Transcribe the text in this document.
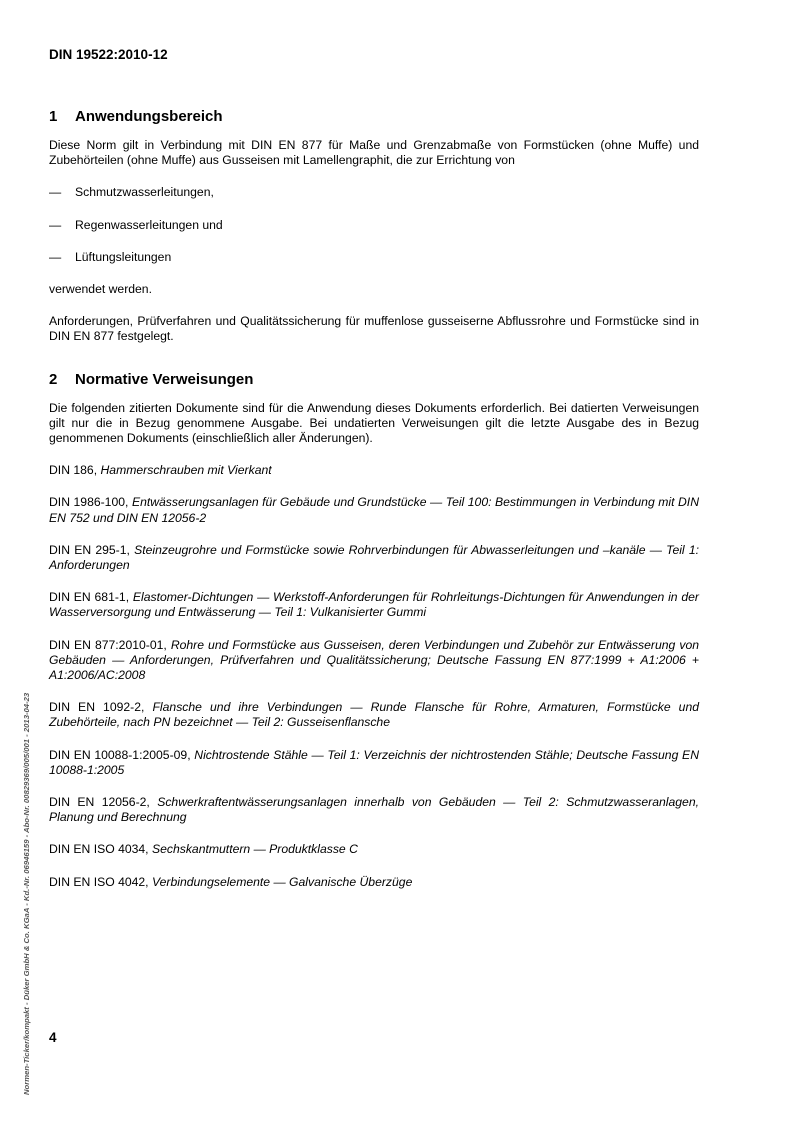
DIN 19522:2010-12
1	Anwendungsbereich

Diese Norm gilt in Verbindung mit DIN EN 877 für Maße und Grenzabmaße von Formstücken (ohne Muffe) und Zubehörteilen (ohne Muffe) aus Gusseisen mit Lamellengraphit, die zur Errichtung von

—	Schmutzwasserleitungen,
—	Regenwasserleitungen und
—	Lüftungsleitungen

verwendet werden.

Anforderungen, Prüfverfahren und Qualitätssicherung für muffenlose gusseiserne Abflussrohre und Formstücke sind in DIN EN 877 festgelegt.

2	Normative Verweisungen

Die folgenden zitierten Dokumente sind für die Anwendung dieses Dokuments erforderlich. Bei datierten Verweisungen gilt nur die in Bezug genommene Ausgabe. Bei undatierten Verweisungen gilt die letzte Ausgabe des in Bezug genommenen Dokuments (einschließlich aller Änderungen).

DIN 186, Hammerschrauben mit Vierkant

DIN 1986-100, Entwässerungsanlagen für Gebäude und Grundstücke — Teil 100: Bestimmungen in Verbindung mit DIN EN 752 und DIN EN 12056-2

DIN EN 295-1, Steinzeugrohre und Formstücke sowie Rohrverbindungen für Abwasserleitungen und –kanäle — Teil 1: Anforderungen

DIN EN 681-1, Elastomer-Dichtungen — Werkstoff-Anforderungen für Rohrleitungs-Dichtungen für Anwendungen in der Wasserversorgung und Entwässerung — Teil 1: Vulkanisierter Gummi

DIN EN 877:2010-01, Rohre und Formstücke aus Gusseisen, deren Verbindungen und Zubehör zur Entwässerung von Gebäuden — Anforderungen, Prüfverfahren und Qualitätssicherung; Deutsche Fassung EN 877:1999 + A1:2006 + A1:2006/AC:2008

DIN EN 1092-2, Flansche und ihre Verbindungen — Runde Flansche für Rohre, Armaturen, Formstücke und Zubehörteile, nach PN bezeichnet — Teil 2: Gusseisenflansche

DIN EN 10088-1:2005-09, Nichtrostende Stähle — Teil 1: Verzeichnis der nichtrostenden Stähle; Deutsche Fassung EN 10088-1:2005

DIN EN 12056-2, Schwerkraftentwässerungsanlagen innerhalb von Gebäuden — Teil 2: Schmutzwasseranlagen, Planung und Berechnung

DIN EN ISO 4034, Sechskantmuttern — Produktklasse C

DIN EN ISO 4042, Verbindungselemente — Galvanische Überzüge

4
Normen-Ticker/kompakt - Düker GmbH & Co. KGaA - Kd.-Nr. 06946159 - Abo-Nr. 00829369/005/001 - 2013-04-23
